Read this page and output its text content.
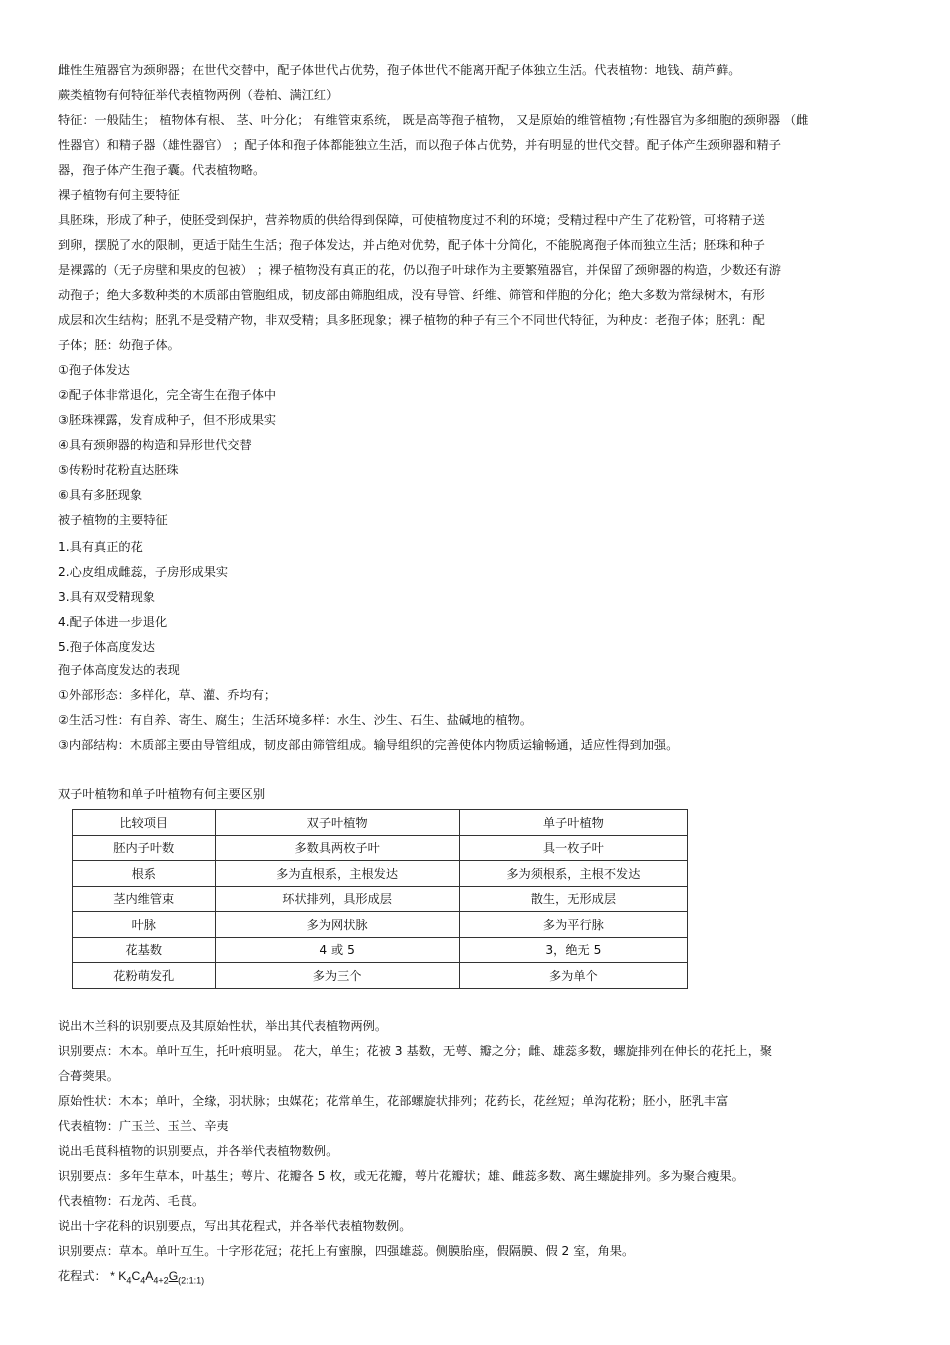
雌性生殖器官为颈卵器；在世代交替中，配子体世代占优势，孢子体世代不能离开配子体独立生活。代表植物：地钱、葫芦藓。
蕨类植物有何特征举代表植物两例（卷柏、满江红）
特征：一般陆生； 植物体有根、 茎、叶分化； 有维管束系统， 既是高等孢子植物， 又是原始的维管植物 ;有性器官为多细胞的颈卵器 （雌
性器官）和精子器（雄性器官） ；配子体和孢子体都能独立生活，而以孢子体占优势，并有明显的世代交替。配子体产生颈卵器和精子
器，孢子体产生孢子囊。代表植物略。
裸子植物有何主要特征
具胚珠，形成了种子，使胚受到保护，营养物质的供给得到保障，可使植物度过不利的环境；受精过程中产生了花粉管，可将精子送
到卵，摆脱了水的限制，更适于陆生生活；孢子体发达，并占绝对优势，配子体十分简化，不能脱离孢子体而独立生活；胚珠和种子
是裸露的（无子房壁和果皮的包被） ；裸子植物没有真正的花，仍以孢子叶球作为主要繁殖器官，并保留了颈卵器的构造，少数还有游
动孢子；绝大多数种类的木质部由管胞组成，韧皮部由筛胞组成，没有导管、纤维、筛管和伴胞的分化；绝大多数为常绿树木，有形
成层和次生结构；胚乳不是受精产物，非双受精；具多胚现象；裸子植物的种子有三个不同世代特征，为种皮：老孢子体；胚乳：配
子体；胚：幼孢子体。
①孢子体发达
②配子体非常退化，完全寄生在孢子体中
③胚珠裸露，发育成种子，但不形成果实
④具有颈卵器的构造和异形世代交替
⑤传粉时花粉直达胚珠
⑥具有多胚现象
被子植物的主要特征
1.具有真正的花
2.心皮组成雌蕊，子房形成果实
3.具有双受精现象
4.配子体进一步退化
5.孢子体高度发达
孢子体高度发达的表现
①外部形态：多样化，草、灌、乔均有；
②生活习性：有自养、寄生、腐生；生活环境多样：水生、沙生、石生、盐碱地的植物。
③内部结构：木质部主要由导管组成，韧皮部由筛管组成。输导组织的完善使体内物质运输畅通，适应性得到加强。
双子叶植物和单子叶植物有何主要区别
比较项目	双子叶植物	单子叶植物
胚内子叶数	多数具两枚子叶	具一枚子叶
根系	多为直根系，主根发达	多为须根系，主根不发达
茎内维管束	环状排列，具形成层	散生，无形成层
叶脉	多为网状脉	多为平行脉
花基数	4 或 5	3，绝无 5
花粉萌发孔	多为三个	多为单个
说出木兰科的识别要点及其原始性状，举出其代表植物两例。
识别要点：木本。单叶互生，托叶痕明显。 花大，单生；花被 3 基数，无萼、瓣之分；雌、雄蕊多数，螺旋排列在伸长的花托上，聚
合蓇葖果。
原始性状：木本；单叶，全缘，羽状脉；虫媒花；花常单生，花部螺旋状排列；花药长，花丝短；单沟花粉；胚小，胚乳丰富
代表植物：广玉兰、玉兰、辛夷
说出毛茛科植物的识别要点，并各举代表植物数例。
识别要点：多年生草本，叶基生；萼片、花瓣各 5 枚，或无花瓣，萼片花瓣状；雄、雌蕊多数、离生螺旋排列。多为聚合瘦果。
代表植物：石龙芮、毛茛。
说出十字花科的识别要点，写出其花程式，并各举代表植物数例。
识别要点：草本。单叶互生。十字形花冠；花托上有蜜腺，四强雄蕊。侧膜胎座，假隔膜、假 2 室，角果。
花程式： * $K_4C_4A_{4+2}G_{(2:1:1)}$
